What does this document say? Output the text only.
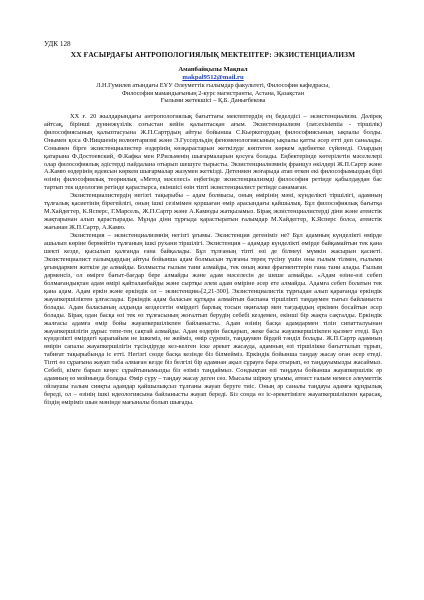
УДК 128
XX ҒАСЫРДАҒЫ АНТРОПОЛОГИЯЛЫҚ МЕКТЕПТЕР: ЭКЗИСТЕНЦИАЛИЗМ
Аманбайқызы Мақпал
makpal9512@mail.ru
Л.Н.Гумилев атындағы ЕҰУ Әлеуметтік ғылымдар факультеті, Философия кафедрасы,
Философия мамандығының 2-курс магистранты, Астана, Қазақстан
Ғылыми жетекшісі – Қ.Б. Данығбекова

ХХ ғ. 20 жылдарындағы антропологиялық бағыттағы мектептердің ең беделдісі – экзистенциализм. Дәліреқ айтсақ, бірінші дүниежүзілік соғыстан кейін қалыптасқан ағым. Экзистенциализм (лат.existentia - тіршілік) философиясының қалыптасуына Ж.П.Сартрдың айтуы бойынша С.Кьеркегордың философиясының ықпалы болды. Онымен қоса Ф.Ницшенің волюнтаризмі және Э.Гуссерльдің феноменологиясының ықпалы қатты әсер етті деп саналады. Сонымен бірге экзистенциалистер өздерінің көзқарастарын жеткізуде көптеген көркем әдебиетке сүйенеді. Олардың қатарына Ф.Достоевский, Ф.Кафка мен Р.Рильменің шығармаларын қосуға болады. Еңбектерінде көтерілетін мәселелері олар философиялық әдістерді пайдалана отырып шешуге тырысты. Экзистенциализмнің француз өкілдері Ж.П.Сартр және А.Камю өздерінің идеясын көркем шығармалар жазумен жеткізді. Детенмен жоғарыда атап өткен екі философымыздың бірі өзінің философиялық теориялық «Метод мәселесі» еңбегінде экзистенциализмді философия ретінде қабылдаудан бас тартып тек идеология ретінде қарастырса, екіншісі өзін тіпті экзистенциалист ретінде санамаған.

Экзистенциалистердің негізгі тақырыбы – адам болмысы, оның өмірінің мәні, күнделікті тіршілігі, адамның тұлғалық қасиетінің бірегейлігі, оның ішкі сезімімен қоршаған өмір арасындағы қайшылық. Бұл философиялық бағытқа М.Хайдеггер, К.Ясперс, Г.Марсель, Ж.П.Сартр және А.Камюды жатқызамыз. Бірақ экзистенциалистерді діни және атеистік жақтарынан алып қарастырады. Мұнда діни тұрғыда қарастыратын ғалымдар М.Хайдеггер, К.Ясперс болса, атеистік жағынан Ж.П.Сартр, А.Камю.

Экзистенция – экзистенциализмнің негізгі ұғымы. Экзистенция дегеніміз не? Бұл адамның күнделікті өмірде ашылып көріне бермейтін тұлғаның ішкі рухани тіршілігі. Экзистенция – адамдар күнделікті өмірде байқамайтын тек қана шекті кезде, қысылып қалғанда ғана байқалады. Бұл тұлғаның тіпті өзі де білмеуі мүмкін жасырын қасиеті. Экзистенциалист ғалымдардың айтуы бойынша адам болмысын тұлғаны терең түсіну үшін оны ғылым тілмен, ғылыми ұғымдармен жеткізе де алмайды. Болмысты ғылым тани алмайды, тек оның жеке фрагменттерін ғана тани алады. Ғылым дәрменсіз, ол өмірге бағыт-бағдар бере алмайды және адам мәселесін де шеше алмайды. «Адам өзіне-өзі себеп болмағандықтан адам өмірі қайталанбайды және сыртқы әлем адам өміріне әсер ете алмайды. Адамға себеп болатын тек қана адам. Адам еркін және еркіндік ол – экзистенция»[2,21-300]. Экзистенциалистік тұрғыдан алып қарағанда еркіндік жауапкершіліктен ұлғаслады. Еркіндік адам баласын құтқара алмайтын баспана тіршілікті таңдаумен тығыз байланыста болады. Адам баласының алдында кездесетін өмірдегі барлық тосын оқиғалар мен тағдырдың еркімен босайтын әсер болады. Бірақ одан басқа өзі тек өз тұлғасының жоғалтып берудің себебі кездемен, екінші бір жақта сақталды. Еркіндік жалғасы адамға өмір бойы жауапкершілікпен байланысты. Адам өзінің басқа адамдармен тілін сипатталуынан жауапкершілігін дұрыс тепе-тең сақтай алмайды. Адам өздерін басқарып, жеке басы жауапкершілікпен қызмет етеді. Бұл күнделікті өмірдегі қарапайым не ішкеміз, не жейміз, өмір сүреміз, таңдаумен бірдей тәнділ болады. Ж.П.Сартр адамның өмірін сапалы жауапкершілігін тұсіндіруде кез-келген іске әрекет жасауда, адамның өзі тіршілікке бағытталып тұрып, табиғат тақырыбында іс етті. Негізгі сөзде басқа кезінде біз білмейміз. Еркіндік бойынша таңдау жасау оған әсер етеді. Тіпті өз сұрағына жауап таба алмаған кезде біз белгілі бір адамнан ақыл сұрауға бара отырып, өз таңдауымызды жасаймыз. Себебі, кімге барып кеңес сұрайтынымызды біз өзіміз таңдаймыз. Сондықтан өзі таңдауы бойынша жауапкершілік әр адамның өз мойнында болады. Өмір сүру – таңдау жасау деген сөз. Мысалы шіркеу ұғымы, атеист ғалым немесе әлеуметтік ойлаушы ғалым сияқты адамдар қайшылықсыз тұлғаны жауап беруге тиіс. Оның әр саналы таңдауы адамға құндылық береді, ол – өзінің ішкі идеологиясына байланысты жауап береді. Біз сонда өз іс-әрекетімізге жауапкершілікпен қарасақ, біздің өміріміз шын мәнінде мағыналы болып шығады.
